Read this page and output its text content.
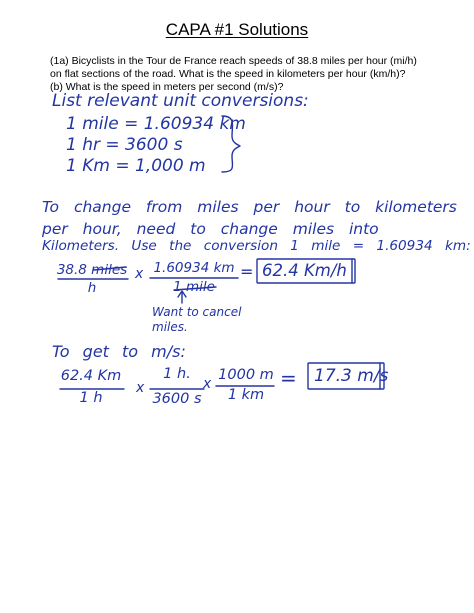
CAPA #1 Solutions
(1a) Bicyclists in the Tour de France reach speeds of 38.8 miles per hour (mi/h)
on flat sections of the road. What is the speed in kilometers per hour (km/h)?
(b) What is the speed in meters per second (m/s)?
List relevant unit conversions:
1 mile = 1.60934 km
1 hr = 3600 s
1 Km = 1,000 m
To change from miles per hour to kilometers
per hour, need to change miles into
Kilometers. Use the conversion 1 mile = 1.60934 km:
38.8 miles
h
x 1.60934 km
1 mile
= 62.4 Km/h
Want to cancel
miles.
To get to m/s:
62.4 Km
1 h
x
1 h.
3600 s
x
1000 m
1 km
= 17.3 m/s
